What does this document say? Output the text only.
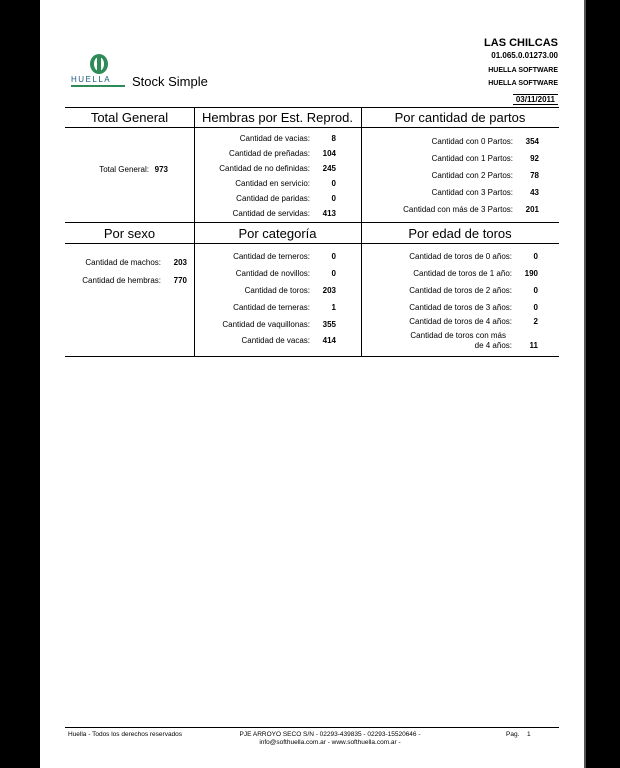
HUELLA Stock Simple
LAS CHILCAS
01.065.0.01273.00
HUELLA SOFTWARE
HUELLA SOFTWARE
03/11/2011
Total General	Hembras por Est. Reprod.	Por cantidad de partos
Por sexo	Por categoría	Por edad de toros
Total General: 973
Cantidad de vacias:	8
Cantidad de preñadas:	104
Cantidad de no definidas:	245
Cantidad en servicio:	0
Cantidad de paridas:	0
Cantidad de servidas:	413
Cantidad con 0 Partos:	354
Cantidad con 1 Partos:	92
Cantidad con 2 Partos:	78
Cantidad con 3 Partos:	43
Cantidad con más de 3 Partos:	201
Cantidad de machos:	203
Cantidad de hembras:	770
Cantidad de terneros:	0
Cantidad de novillos:	0
Cantidad de toros:	203
Cantidad de terneras:	1
Cantidad de vaquillonas:	355
Cantidad de vacas:	414
Cantidad de toros de 0 años:	0
Cantidad de toros de 1 año:	190
Cantidad de toros de 2 años:	0
Cantidad de toros de 3 años:	0
Cantidad de toros de 4 años:	2
Cantidad de toros con más
de 4 años:	11
Huella - Todos los derechos reservados	PJE ARROYO SECO S/N - 02293-439835 - 02293-15520646 -
info@softhuella.com.ar - www.softhuella.com.ar -
Pag. 1
